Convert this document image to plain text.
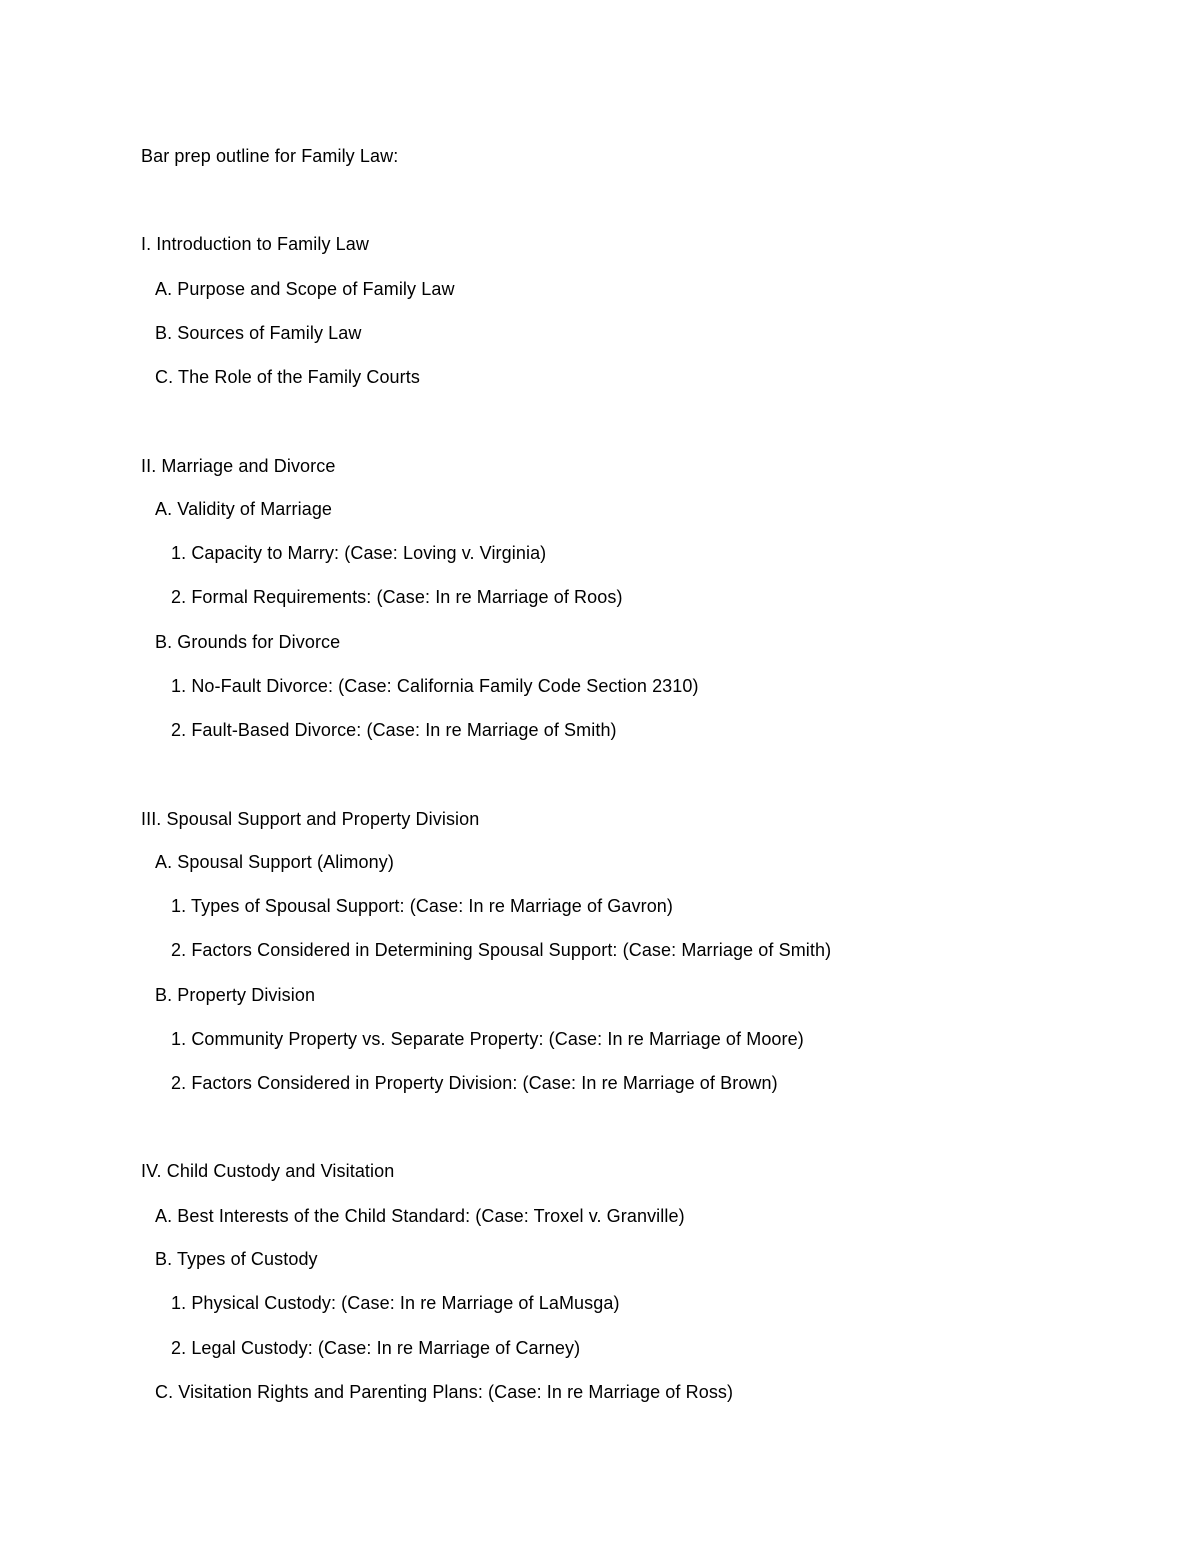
Bar prep outline for Family Law:
I. Introduction to Family Law
A. Purpose and Scope of Family Law
B. Sources of Family Law
C. The Role of the Family Courts
II. Marriage and Divorce
A. Validity of Marriage
1. Capacity to Marry: (Case: Loving v. Virginia)
2. Formal Requirements: (Case: In re Marriage of Roos)
B. Grounds for Divorce
1. No-Fault Divorce: (Case: California Family Code Section 2310)
2. Fault-Based Divorce: (Case: In re Marriage of Smith)
III. Spousal Support and Property Division
A. Spousal Support (Alimony)
1. Types of Spousal Support: (Case: In re Marriage of Gavron)
2. Factors Considered in Determining Spousal Support: (Case: Marriage of Smith)
B. Property Division
1. Community Property vs. Separate Property: (Case: In re Marriage of Moore)
2. Factors Considered in Property Division: (Case: In re Marriage of Brown)
IV. Child Custody and Visitation
A. Best Interests of the Child Standard: (Case: Troxel v. Granville)
B. Types of Custody
1. Physical Custody: (Case: In re Marriage of LaMusga)
2. Legal Custody: (Case: In re Marriage of Carney)
C. Visitation Rights and Parenting Plans: (Case: In re Marriage of Ross)
